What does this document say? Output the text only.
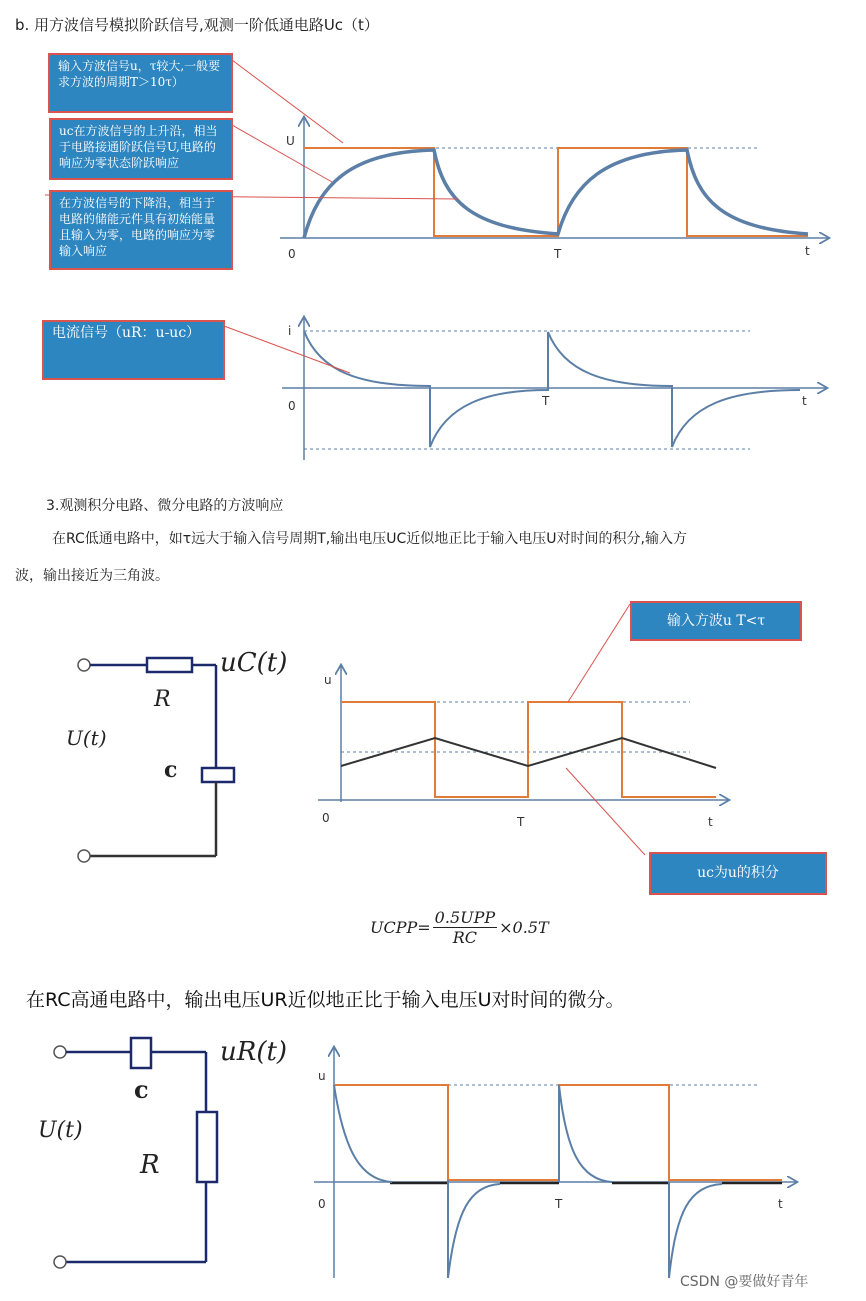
b. 用方波信号模拟阶跃信号,观测一阶低通电路Uc（t）
U
0	T	t
i
0	T	t
u
0	T	t
u
0	T	t
输入方波信号u，τ较大,一般要求方波的周期T＞10τ）
uc在方波信号的上升沿，相当于电路接通阶跃信号U,电路的响应为零状态阶跃响应
在方波信号的下降沿，相当于电路的储能元件具有初始能量且输入为零，电路的响应为零输入响应
电流信号（uR：u-uc）
输入方波u T<τ
uc为u的积分
3.观测积分电路、微分电路的方波响应
在RC低通电路中，如τ远大于输入信号周期T,输出电压UC近似地正比于输入电压U对时间的积分,输入方
波，输出接近为三角波。
uC(t)
R
c
U(t)
UCPP =
0.5UPP
RC
×0.5T
在RC高通电路中，输出电压UR近似地正比于输入电压U对时间的微分。
uR(t)
c
R
U(t)
CSDN @要做好青年
